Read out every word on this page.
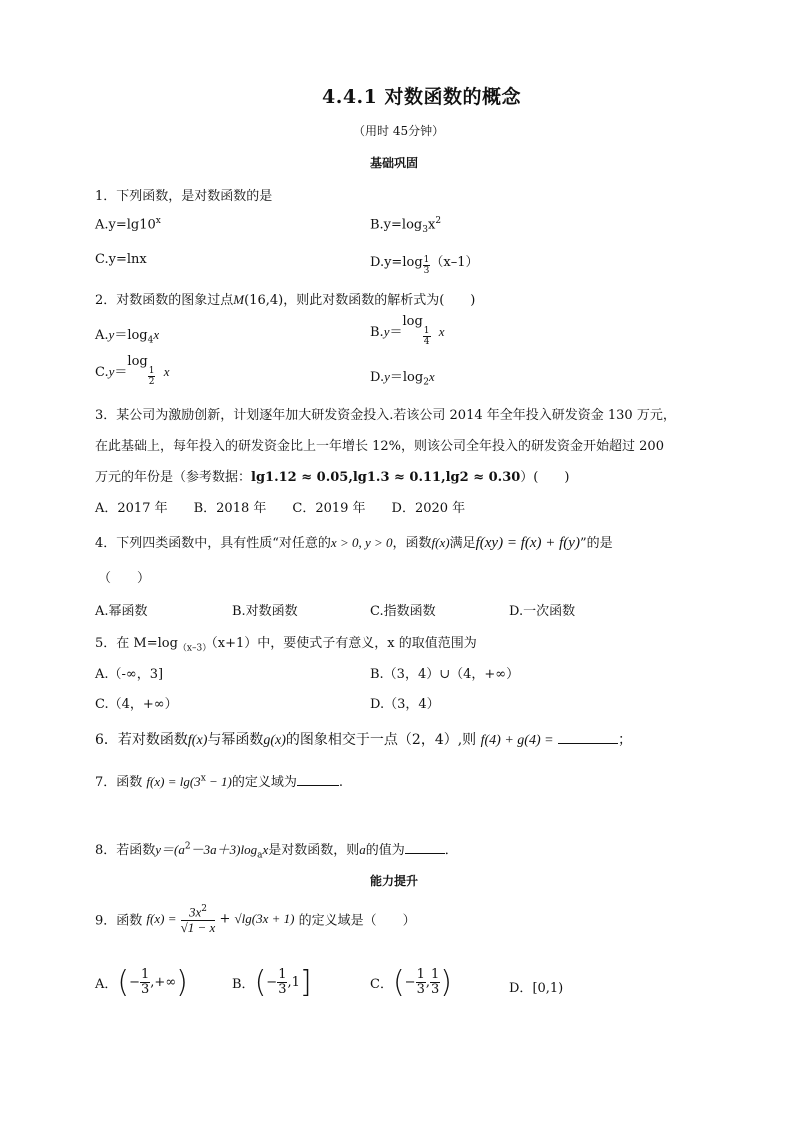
4.4.1 对数函数的概念
（用时 45分钟）
基础巩固
1．下列函数，是对数函数的是
$A.y=\lg 10^x$	$B.y=\log_3x^2$
C.y=lnx	$D.y=\log \frac{1}{3} (x-1)$
2．对数函数的图象过点M(16,4)，则此对数函数的解析式为(　　)
$A.y=\log_4x$	B.y＝log
$\frac{1}{4}$ x
C.y＝log
$\frac{1}{2}$ x	$D.y=\log_2x$
3．某公司为激励创新，计划逐年加大研发资金投入.若该公司 2014 年全年投入研发资金 130 万元，
在此基础上，每年投入的研发资金比上一年增长 12%，则该公司全年投入的研发资金开始超过 200
万元的年份是（参考数据：lg1.12 ≈ 0.05,lg1.3 ≈ 0.11,lg2 ≈ 0.30）(　　)
A．2017 年　　B．2018 年　　C．2019 年　　D．2020 年
4．下列四类函数中，具有性质“对任意的x > 0, y > 0，函数f(x)满足f(xy) = f(x) + f(y)”的是
（　　）
A.幂函数	B.对数函数	C.指数函数	D.一次函数
5．在 $M=\log_{(x-3)}(x+1)$中，要使式子有意义，x 的取值范围为
A.（-∞，3]	B.（3，4）∪（4，+∞）
C.（4，+∞）	D.（3，4）
6．若对数函数f(x)与幂函数g(x)的图象相交于一点（2，4）,则 f(4) + g(4) =	；
7．函数 $f(x) = \lg(3^x - 1)$的定义域为	.
8．若函数$y=(a^2-3a+3)\log_ax$是对数函数，则a的值为	．
能力提升
9．函数 $f(x) = \frac{3x^2}{√1 - x} + √\lg(3x + 1)$ 的定义域是（　　）
A．(− $\frac{1}{3}$ ,+∞)	B．(− $\frac{1}{3} ,1$]	C．(− $\frac{1}{3}$ , $\frac{1}{3}$ )	D．[0,1)
